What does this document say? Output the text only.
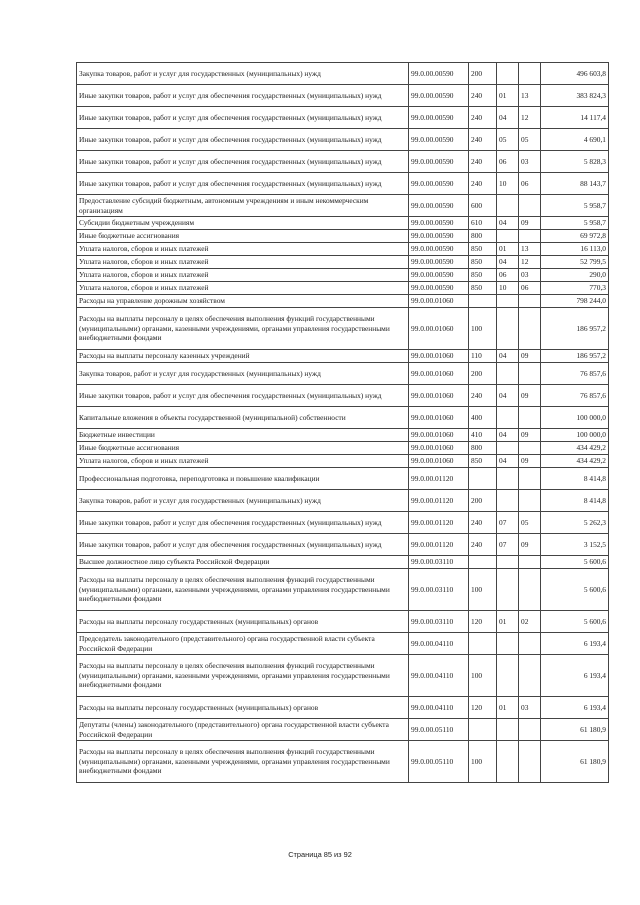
Закупка товаров, работ и услуг для государственных (муниципальных) нужд	99.0.00.00590	200			496 603,8
Иные закупки товаров, работ и услуг для обеспечения государственных (муниципальных) нужд	99.0.00.00590	240	01	13	383 824,3
Иные закупки товаров, работ и услуг для обеспечения государственных (муниципальных) нужд	99.0.00.00590	240	04	12	14 117,4
Иные закупки товаров, работ и услуг для обеспечения государственных (муниципальных) нужд	99.0.00.00590	240	05	05	4 690,1
Иные закупки товаров, работ и услуг для обеспечения государственных (муниципальных) нужд	99.0.00.00590	240	06	03	5 828,3
Иные закупки товаров, работ и услуг для обеспечения государственных (муниципальных) нужд	99.0.00.00590	240	10	06	88 143,7
Предоставление субсидий бюджетным, автономным учреждениям и иным некоммерческим организациям	99.0.00.00590	600			5 958,7
Субсидии бюджетным учреждениям	99.0.00.00590	610	04	09	5 958,7
Иные бюджетные ассигнования	99.0.00.00590	800			69 972,8
Уплата налогов, сборов и иных платежей	99.0.00.00590	850	01	13	16 113,0
Уплата налогов, сборов и иных платежей	99.0.00.00590	850	04	12	52 799,5
Уплата налогов, сборов и иных платежей	99.0.00.00590	850	06	03	290,0
Уплата налогов, сборов и иных платежей	99.0.00.00590	850	10	06	770,3
Расходы на управление дорожным хозяйством	99.0.00.01060				798 244,0
Расходы на выплаты персоналу в целях обеспечения выполнения функций государственными (муниципальными) органами, казенными учреждениями, органами управления государственными внебюджетными фондами	99.0.00.01060	100			186 957,2
Расходы на выплаты персоналу казенных учреждений	99.0.00.01060	110	04	09	186 957,2
Закупка товаров, работ и услуг для государственных (муниципальных) нужд	99.0.00.01060	200			76 857,6
Иные закупки товаров, работ и услуг для обеспечения государственных (муниципальных) нужд	99.0.00.01060	240	04	09	76 857,6
Капитальные вложения в объекты государственной (муниципальной) собственности	99.0.00.01060	400			100 000,0
Бюджетные инвестиции	99.0.00.01060	410	04	09	100 000,0
Иные бюджетные ассигнования	99.0.00.01060	800			434 429,2
Уплата налогов, сборов и иных платежей	99.0.00.01060	850	04	09	434 429,2
Профессиональная подготовка, переподготовка и повышение квалификации	99.0.00.01120				8 414,8
Закупка товаров, работ и услуг для государственных (муниципальных) нужд	99.0.00.01120	200			8 414,8
Иные закупки товаров, работ и услуг для обеспечения государственных (муниципальных) нужд	99.0.00.01120	240	07	05	5 262,3
Иные закупки товаров, работ и услуг для обеспечения государственных (муниципальных) нужд	99.0.00.01120	240	07	09	3 152,5
Высшее должностное лицо субъекта Российской Федерации	99.0.00.03110				5 600,6
Расходы на выплаты персоналу в целях обеспечения выполнения функций государственными (муниципальными) органами, казенными учреждениями, органами управления государственными внебюджетными фондами	99.0.00.03110	100			5 600,6
Расходы на выплаты персоналу государственных (муниципальных) органов	99.0.00.03110	120	01	02	5 600,6
Председатель законодательного (представительного) органа государственной власти субъекта Российской Федерации	99.0.00.04110				6 193,4
Расходы на выплаты персоналу в целях обеспечения выполнения функций государственными (муниципальными) органами, казенными учреждениями, органами управления государственными внебюджетными фондами	99.0.00.04110	100			6 193,4
Расходы на выплаты персоналу государственных (муниципальных) органов	99.0.00.04110	120	01	03	6 193,4
Депутаты (члены) законодательного (представительного) органа государственной власти субъекта Российской Федерации	99.0.00.05110				61 180,9
Расходы на выплаты персоналу в целях обеспечения выполнения функций государственными (муниципальными) органами, казенными учреждениями, органами управления государственными внебюджетными фондами	99.0.00.05110	100			61 180,9
Страница 85 из 92
